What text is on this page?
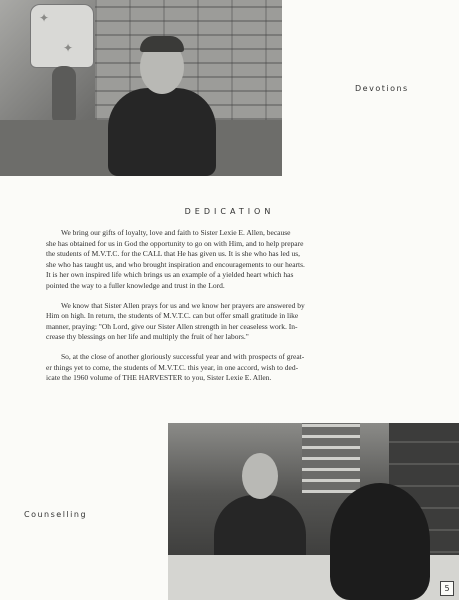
✦
✦
Devotions
DEDICATION

We bring our gifts of loyalty, love and faith to Sister Lexie E. Allen, because
she has obtained for us in God the opportunity to go on with Him, and to help prepare
the students of M.V.T.C. for the CALL that He has given us. It is she who has led us,
she who has taught us, and who brought inspiration and encouragements to our hearts.
It is her own inspired life which brings us an example of a yielded heart which has
pointed the way to a fuller knowledge and trust in the Lord.

We know that Sister Allen prays for us and we know her prayers are answered by
Him on high. In return, the students of M.V.T.C. can but offer small gratitude in like
manner, praying: "Oh Lord, give our Sister Allen strength in her ceaseless work. In-
crease thy blessings on her life and multiply the fruit of her labors."

So, at the close of another gloriously successful year and with prospects of great-
er things yet to come, the students of M.V.T.C. this year, in one accord, wish to ded-
icate the 1960 volume of THE HARVESTER to you, Sister Lexie E. Allen.

Counselling
5
